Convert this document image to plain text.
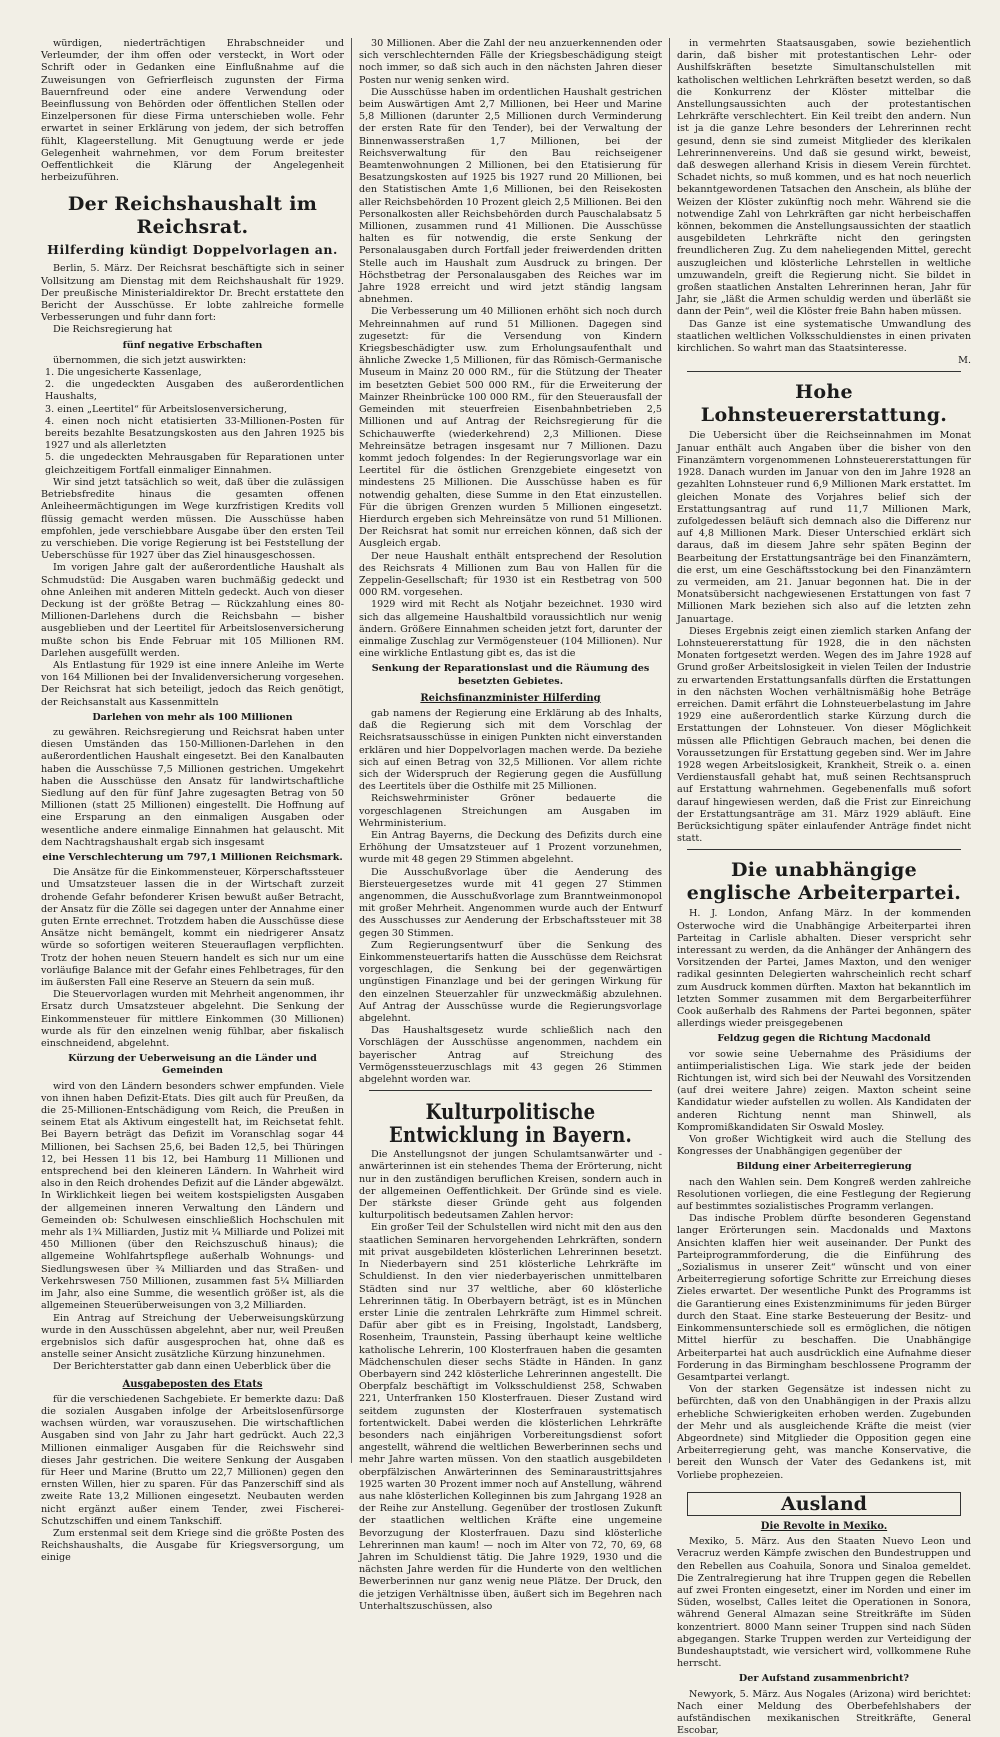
würdigen, niederträchtigen Ehrabschneider und Verleumder, der ihm offen oder versteckt, in Wort oder Schrift oder in Gedanken eine Einflußnahme auf die Zuweisungen von Gefrierfleisch zugunsten der Firma Bauernfreund oder eine andere Verwendung oder Beeinflussung von Behörden oder öffentlichen Stellen oder Einzelpersonen für diese Firma unterschieben wolle. Fehr erwartet in seiner Erklärung von jedem, der sich betroffen fühlt, Klageerstellung. Mit Genugtuung werde er jede Gelegenheit wahrnehmen, vor dem Forum breitester Oeffentlichkeit die Klärung der Angelegenheit herbeizuführen.

Der Reichshaushalt im Reichsrat.
Hilferding kündigt Doppelvorlagen an.

Berlin, 5. März. Der Reichsrat beschäftigte sich in seiner Vollsitzung am Dienstag mit dem Reichshaushalt für 1929. Der preußische Ministerialdirektor Dr. Brecht erstattete den Bericht der Ausschüsse. Er lobte zahlreiche formelle Verbesserungen und fuhr dann fort:

Die Reichsregierung hat

fünf negative Erbschaften

übernommen, die sich jetzt auswirkten:

1. Die ungesicherte Kassenlage,
2. die ungedeckten Ausgaben des außerordentlichen Haushalts,
3. einen „Leertitel“ für Arbeitslosenversicherung,
4. einen noch nicht etatisierten 33-Millionen-Posten für bereits bezahlte Besatzungskosten aus den Jahren 1925 bis 1927 und als allerletzten
5. die ungedeckten Mehrausgaben für Reparationen unter gleichzeitigem Fortfall einmaliger Einnahmen.

Wir sind jetzt tatsächlich so weit, daß über die zulässigen Betriebsfredite hinaus die gesamten offenen Anleiheermächtigungen im Wege kurzfristigen Kredits voll flüssig gemacht werden müssen. Die Ausschüsse haben empfohlen, jede verschiebbare Ausgabe über den ersten Teil zu verschieben. Die vorige Regierung ist bei Feststellung der Ueberschüsse für 1927 über das Ziel hinausgeschossen.

Im vorigen Jahre galt der außerordentliche Haushalt als Schmudstüd: Die Ausgaben waren buchmäßig gedeckt und ohne Anleihen mit anderen Mitteln gedeckt. Auch von dieser Deckung ist der größte Betrag — Rückzahlung eines 80-Millionen-Darlehens durch die Reichsbahn — bisher ausgeblieben und der Leertitel für Arbeitslosenversicherung mußte schon bis Ende Februar mit 105 Millionen RM. Darlehen ausgefüllt werden.

Als Entlastung für 1929 ist eine innere Anleihe im Werte von 164 Millionen bei der Invalidenversicherung vorgesehen. Der Reichsrat hat sich beteiligt, jedoch das Reich genötigt, der Reichsanstalt aus Kassenmitteln

Darlehen von mehr als 100 Millionen

zu gewähren. Reichsregierung und Reichsrat haben unter diesen Umständen das 150-Millionen-Darlehen in den außerordentlichen Haushalt eingesetzt. Bei den Kanalbauten haben die Ausschüsse 7,5 Millionen gestrichen. Umgekehrt haben die Ausschüsse den Ansatz für landwirtschaftliche Siedlung auf den für fünf Jahre zugesagten Betrag von 50 Millionen (statt 25 Millionen) eingestellt. Die Hoffnung auf eine Ersparung an den einmaligen Ausgaben oder wesentliche andere einmalige Einnahmen hat gelauscht. Mit dem Nachtragshaushalt ergab sich insgesamt

eine Verschlechterung um 797,1 Millionen Reichsmark.

Die Ansätze für die Einkommensteuer, Körperschaftssteuer und Umsatzsteuer lassen die in der Wirtschaft zurzeit drohende Gefahr befonderer Krisen bewußt außer Betracht, der Ansatz für die Zölle sei dagegen unter der Annahme einer guten Ernte errechnet. Trotzdem haben die Ausschüsse diese Ansätze nicht bemängelt, kommt ein niedrigerer Ansatz würde so sofortigen weiteren Steuerauflagen verpflichten. Trotz der hohen neuen Steuern handelt es sich nur um eine vorläufige Balance mit der Gefahr eines Fehlbetrages, für den im äußersten Fall eine Reserve an Steuern da sein muß.

Die Steuervorlagen wurden mit Mehrheit angenommen, ihr Ersatz durch Umsatzsteuer abgelehnt. Die Senkung der Einkommensteuer für mittlere Einkommen (30 Millionen) wurde als für den einzelnen wenig fühlbar, aber fiskalisch einschneidend, abgelehnt.

Kürzung der Ueberweisung an die Länder und Gemeinden

wird von den Ländern besonders schwer empfunden. Viele von ihnen haben Defizit-Etats. Dies gilt auch für Preußen, da die 25-Millionen-Entschädigung vom Reich, die Preußen in seinem Etat als Aktivum eingestellt hat, im Reichsetat fehlt. Bei Bayern beträgt das Defizit im Voranschlag sogar 44 Millionen, bei Sachsen 25,6, bei Baden 12,5, bei Thüringen 12, bei Hessen 11 bis 12, bei Hamburg 11 Millionen und entsprechend bei den kleineren Ländern. In Wahrheit wird also in den Reich drohendes Defizit auf die Länder abgewälzt. In Wirklichkeit liegen bei weitem kostspieligsten Ausgaben der allgemeinen inneren Verwaltung den Ländern und Gemeinden ob: Schulwesen einschließlich Hochschulen mit mehr als 1¾ Milliarden, Justiz mit ¼ Milliarde und Polizei mit 450 Millionen (über den Reichszuschuß hinaus); die allgemeine Wohlfahrtspflege außerhalb Wohnungs- und Siedlungswesen über ¾ Milliarden und das Straßen- und Verkehrswesen 750 Millionen, zusammen fast 5¼ Milliarden im Jahr, also eine Summe, die wesentlich größer ist, als die allgemeinen Steuerüberweisungen von 3,2 Milliarden.

Ein Antrag auf Streichung der Ueberweisungskürzung wurde in den Ausschüssen abgelehnt, aber nur, weil Preußen ergebnislos sich dafür ausgesprochen hat, ohne daß es anstelle seiner Ansicht zusätzliche Kürzung hinzunehmen.

Der Berichterstatter gab dann einen Ueberblick über die

Ausgabeposten des Etats

für die verschiedenen Sachgebiete. Er bemerkte dazu: Daß die sozialen Ausgaben infolge der Arbeitslosenfürsorge wachsen würden, war vorauszusehen. Die wirtschaftlichen Ausgaben sind von Jahr zu Jahr hart gedrückt. Auch 22,3 Millionen einmaliger Ausgaben für die Reichswehr sind dieses Jahr gestrichen. Die weitere Senkung der Ausgaben für Heer und Marine (Brutto um 22,7 Millionen) gegen den ernsten Willen, hier zu sparen. Für das Panzerschiff sind als zweite Rate 13,2 Millionen eingesetzt. Neubauten werden nicht ergänzt außer einem Tender, zwei Fischerei-Schutzschiffen und einem Tankschiff.

Zum erstenmal seit dem Kriege sind die größte Posten des Reichshaushalts, die Ausgabe für Kriegsversorgung, um einige

30 Millionen. Aber die Zahl der neu anzuerkennenden oder sich verschlechternden Fälle der Kriegsbeschädigung steigt noch immer, so daß sich auch in den nächsten Jahren dieser Posten nur wenig senken wird.

Die Ausschüsse haben im ordentlichen Haushalt gestrichen beim Auswärtigen Amt 2,7 Millionen, bei Heer und Marine 5,8 Millionen (darunter 2,5 Millionen durch Verminderung der ersten Rate für den Tender), bei der Verwaltung der Binnenwasserstraßen 1,7 Millionen, bei der Reichsverwaltung für den Bau reichseigener Beamtenwohnungen 2 Millionen, bei den Etatisierung für Besatzungskosten auf 1925 bis 1927 rund 20 Millionen, bei den Statistischen Amte 1,6 Millionen, bei den Reisekosten aller Reichsbehörden 10 Prozent gleich 2,5 Millionen. Bei den Personalkosten aller Reichsbehörden durch Pauschalabsatz 5 Millionen, zusammen rund 41 Millionen. Die Ausschüsse halten es für notwendig, die erste Senkung der Personalausgaben durch Fortfall jeder freiwerdenden dritten Stelle auch im Haushalt zum Ausdruck zu bringen. Der Höchstbetrag der Personalausgaben des Reiches war im Jahre 1928 erreicht und wird jetzt ständig langsam abnehmen.

Die Verbesserung um 40 Millionen erhöht sich noch durch Mehreinnahmen auf rund 51 Millionen. Dagegen sind zugesetzt: für die Versendung von Kindern Kriegsbeschädigter usw. zum Erholungsaufenthalt und ähnliche Zwecke 1,5 Millionen, für das Römisch-Germanische Museum in Mainz 20 000 RM., für die Stützung der Theater im besetzten Gebiet 500 000 RM., für die Erweiterung der Mainzer Rheinbrücke 100 000 RM., für den Steuerausfall der Gemeinden mit steuerfreien Eisenbahnbetrieben 2,5 Millionen und auf Antrag der Reichsregierung für die Schichauwerfte (wiederkehrend) 2,3 Millionen. Diese Mehreinsätze betragen insgesamt nur 7 Millionen. Dazu kommt jedoch folgendes: In der Regierungsvorlage war ein Leertitel für die östlichen Grenzgebiete eingesetzt von mindestens 25 Millionen. Die Ausschüsse haben es für notwendig gehalten, diese Summe in den Etat einzustellen. Für die übrigen Grenzen wurden 5 Millionen eingesetzt. Hierdurch ergeben sich Mehreinsätze von rund 51 Millionen. Der Reichsrat hat somit nur erreichen können, daß sich der Ausgleich ergab.

Der neue Haushalt enthält entsprechend der Resolution des Reichsrats 4 Millionen zum Bau von Hallen für die Zeppelin-Gesellschaft; für 1930 ist ein Restbetrag von 500 000 RM. vorgesehen.

1929 wird mit Recht als Notjahr bezeichnet. 1930 wird sich das allgemeine Haushaltbild voraussichtlich nur wenig ändern. Größere Einnahmen scheiden jetzt fort, darunter der einmalige Zuschlag zur Vermögensteuer (104 Millionen). Nur eine wirkliche Entlastung gibt es, das ist die

Senkung der Reparationslast und die Räumung des besetzten Gebietes.
Reichsfinanzminister Hilferding

gab namens der Regierung eine Erklärung ab des Inhalts, daß die Regierung sich mit dem Vorschlag der Reichsratsausschüsse in einigen Punkten nicht einverstanden erklären und hier Doppelvorlagen machen werde. Da beziehe sich auf einen Betrag von 32,5 Millionen. Vor allem richte sich der Widerspruch der Regierung gegen die Ausfüllung des Leertitels über die Osthilfe mit 25 Millionen.

Reichswehrminister Gröner bedauerte die vorgeschlagenen Streichungen am Ausgaben im Wehrministerium.

Ein Antrag Bayerns, die Deckung des Defizits durch eine Erhöhung der Umsatzsteuer auf 1 Prozent vorzunehmen, wurde mit 48 gegen 29 Stimmen abgelehnt.

Die Ausschußvorlage über die Aenderung des Biersteuergesetzes wurde mit 41 gegen 27 Stimmen angenommen, die Ausschußvorlage zum Branntweinmonopol mit großer Mehrheit. Angenommen wurde auch der Entwurf des Ausschusses zur Aenderung der Erbschaftssteuer mit 38 gegen 30 Stimmen.

Zum Regierungsentwurf über die Senkung des Einkommensteuertarifs hatten die Ausschüsse dem Reichsrat vorgeschlagen, die Senkung bei der gegenwärtigen ungünstigen Finanzlage und bei der geringen Wirkung für den einzelnen Steuerzahler für unzweckmäßig abzulehnen. Auf Antrag der Ausschüsse wurde die Regierungsvorlage abgelehnt.

Das Haushaltsgesetz wurde schließlich nach den Vorschlägen der Ausschüsse angenommen, nachdem ein bayerischer Antrag auf Streichung des Vermögenssteuerzuschlags mit 43 gegen 26 Stimmen abgelehnt worden war.

Kulturpolitische Entwicklung in Bayern.

Die Anstellungsnot der jungen Schulamtsanwärter und -anwärterinnen ist ein stehendes Thema der Erörterung, nicht nur in den zuständigen beruflichen Kreisen, sondern auch in der allgemeinen Oeffentlichkeit. Der Gründe sind es viele. Der stärkste dieser Gründe geht aus folgenden kulturpolitisch bedeutsamen Zahlen hervor:

Ein großer Teil der Schulstellen wird nicht mit den aus den staatlichen Seminaren hervorgehenden Lehrkräften, sondern mit privat ausgebildeten klösterlichen Lehrerinnen besetzt. In Niederbayern sind 251 klösterliche Lehrkräfte im Schuldienst. In den vier niederbayerischen unmittelbaren Städten sind nur 37 weltliche, aber 60 klösterliche Lehrerinnen tätig. In Oberbayern beträgt, ist es in München erster Linie die zentralen Lehrkräfte zum Himmel schreit. Dafür aber gibt es in Freising, Ingolstadt, Landsberg, Rosenheim, Traunstein, Passing überhaupt keine weltliche katholische Lehrerin, 100 Klosterfrauen haben die gesamten Mädchenschulen dieser sechs Städte in Händen. In ganz Oberbayern sind 242 klösterliche Lehrerinnen angestellt. Die Oberpfalz beschäftigt im Volksschuldienst 258, Schwaben 221, Unterfranken 150 Klosterfrauen. Dieser Zustand wird seitdem zugunsten der Klosterfrauen systematisch fortentwickelt. Dabei werden die klösterlichen Lehrkräfte besonders nach einjährigen Vorbereitungsdienst sofort angestellt, während die weltlichen Bewerberinnen sechs und mehr Jahre warten müssen. Von den staatlich ausgebildeten oberpfälzischen Anwärterinnen des Seminaraustrittsjahres 1925 warten 30 Prozent immer noch auf Anstellung, während aus nahe klösterlichen Kolleginnen bis zum Jahrgang 1928 an der Reihe zur Anstellung. Gegenüber der trostlosen Zukunft der staatlichen weltlichen Kräfte eine ungemeine Bevorzugung der Klosterfrauen. Dazu sind klösterliche Lehrerinnen man kaum! — noch im Alter von 72, 70, 69, 68 Jahren im Schuldienst tätig. Die Jahre 1929, 1930 und die nächsten Jahre werden für die Hunderte von den weltlichen Bewerberinnen nur ganz wenig neue Plätze. Der Druck, den die jetzigen Verhältnisse üben, äußert sich im Begehren nach Unterhaltszuschüssen, also

in vermehrten Staatsausgaben, sowie beziehentlich darin, daß bisher mit protestantischen Lehr- oder Aushilfskräften besetzte Simultanschulstellen mit katholischen weltlichen Lehrkräften besetzt werden, so daß die Konkurrenz der Klöster mittelbar die Anstellungsaussichten auch der protestantischen Lehrkräfte verschlechtert. Ein Keil treibt den andern. Nun ist ja die ganze Lehre besonders der Lehrerinnen recht gesund, denn sie sind zumeist Mitglieder des klerikalen Lehrerinnenvereins. Und daß sie gesund wirkt, beweist, daß deswegen allerhand Krisis in diesem Verein fürchtet. Schadet nichts, so muß kommen, und es hat noch neuerlich bekanntgewordenen Tatsachen den Anschein, als blühe der Weizen der Klöster zukünftig noch mehr. Während sie die notwendige Zahl von Lehrkräften gar nicht herbeischaffen können, bekommen die Anstellungsaussichten der staatlich ausgebildeten Lehrkräfte nicht den geringsten freundlicheren Zug. Zu dem naheliegenden Mittel, gerecht auszugleichen und klösterliche Lehrstellen in weltliche umzuwandeln, greift die Regierung nicht. Sie bildet in großen staatlichen Anstalten Lehrerinnen heran, Jahr für Jahr, sie „läßt die Armen schuldig werden und überläßt sie dann der Pein“, weil die Klöster freie Bahn haben müssen.

Das Ganze ist eine systematische Umwandlung des staatlichen weltlichen Volksschuldienstes in einen privaten kirchlichen. So wahrt man das Staatsinteresse.

M.
Hohe Lohnsteuererstattung.

Die Uebersicht über die Reichseinnahmen im Monat Januar enthält auch Angaben über die bisher von den Finanzämtern vorgenommenen Lohnsteuererstattungen für 1928. Danach wurden im Januar von den im Jahre 1928 an gezahlten Lohnsteuer rund 6,9 Millionen Mark erstattet. Im gleichen Monate des Vorjahres belief sich der Erstattungsantrag auf rund 11,7 Millionen Mark, zufolgedessen beläuft sich demnach also die Differenz nur auf 4,8 Millionen Mark. Dieser Unterschied erklärt sich daraus, daß im diesem Jahre sehr späten Beginn der Bearbeitung der Erstattungsanträge bei den Finanzämtern, die erst, um eine Geschäftsstockung bei den Finanzämtern zu vermeiden, am 21. Januar begonnen hat. Die in der Monatsübersicht nachgewiesenen Erstattungen von fast 7 Millionen Mark beziehen sich also auf die letzten zehn Januartage.

Dieses Ergebnis zeigt einen ziemlich starken Anfang der Lohnsteuererstattung für 1928, die in den nächsten Monaten fortgesetzt werden. Wegen des im Jahre 1928 auf Grund großer Arbeitslosigkeit in vielen Teilen der Industrie zu erwartenden Erstattungsanfalls dürften die Erstattungen in den nächsten Wochen verhältnismäßig hohe Beträge erreichen. Damit erfährt die Lohnsteuerbelastung im Jahre 1929 eine außerordentlich starke Kürzung durch die Erstattungen der Lohnsteuer. Von dieser Möglichkeit müssen alle Pflichtigen Gebrauch machen, bei denen die Voraussetzungen für Erstattung gegeben sind. Wer im Jahre 1928 wegen Arbeitslosigkeit, Krankheit, Streik o. a. einen Verdienstausfall gehabt hat, muß seinen Rechtsanspruch auf Erstattung wahrnehmen. Gegebenenfalls muß sofort darauf hingewiesen werden, daß die Frist zur Einreichung der Erstattungsanträge am 31. März 1929 abläuft. Eine Berücksichtigung später einlaufender Anträge findet nicht statt.

Die unabhängige englische Arbeiterpartei.

H. J. London, Anfang März. In der kommenden Osterwoche wird die Unabhängige Arbeiterpartei ihren Parteitag in Carlisle abhalten. Dieser verspricht sehr interessant zu werden, da die Anhänger der Anhängern des Vorsitzenden der Partei, James Maxton, und den weniger radikal gesinnten Delegierten wahrscheinlich recht scharf zum Ausdruck kommen dürften. Maxton hat bekanntlich im letzten Sommer zusammen mit dem Bergarbeiterführer Cook außerhalb des Rahmens der Partei begonnen, später allerdings wieder preisgegebenen

Feldzug gegen die Richtung Macdonald

vor sowie seine Uebernahme des Präsidiums der antiimperialistischen Liga. Wie stark jede der beiden Richtungen ist, wird sich bei der Neuwahl des Vorsitzenden (auf drei weitere Jahre) zeigen. Maxton scheint seine Kandidatur wieder aufstellen zu wollen. Als Kandidaten der anderen Richtung nennt man Shinwell, als Kompromißkandidaten Sir Oswald Mosley.

Von großer Wichtigkeit wird auch die Stellung des Kongresses der Unabhängigen gegenüber der

Bildung einer Arbeiterregierung

nach den Wahlen sein. Dem Kongreß werden zahlreiche Resolutionen vorliegen, die eine Festlegung der Regierung auf bestimmtes sozialistisches Programm verlangen.

Das indische Problem dürfte besonderen Gegenstand langer Erörterungen sein. Macdonalds und Maxtons Ansichten klaffen hier weit auseinander. Der Punkt des Parteiprogrammforderung, die die Einführung des „Sozialismus in unserer Zeit“ wünscht und von einer Arbeiterregierung sofortige Schritte zur Erreichung dieses Zieles erwartet. Der wesentliche Punkt des Programms ist die Garantierung eines Existenzminimums für jeden Bürger durch den Staat. Eine starke Besteuerung der Besitz- und Einkommensunterschiede soll es ermöglichen, die nötigen Mittel hierfür zu beschaffen. Die Unabhängige Arbeiterpartei hat auch ausdrücklich eine Aufnahme dieser Forderung in das Birmingham beschlossene Programm der Gesamtpartei verlangt.

Von der starken Gegensätze ist indessen nicht zu befürchten, daß von den Unabhängigen in der Praxis allzu erhebliche Schwierigkeiten erhoben werden. Zugebunden der Mehr und als ausgleichende Kräfte die meist (vier Abgeordnete) sind Mitglieder die Opposition gegen eine Arbeiterregierung geht, was manche Konservative, die bereit den Wunsch der Vater des Gedankens ist, mit Vorliebe prophezeien.

Ausland
Die Revolte in Mexiko.

Mexiko, 5. März. Aus den Staaten Nuevo Leon und Veracruz werden Kämpfe zwischen den Bundestruppen und den Rebellen aus Coahuila, Sonora und Sinaloa gemeldet. Die Zentralregierung hat ihre Truppen gegen die Rebellen auf zwei Fronten eingesetzt, einer im Norden und einer im Süden, woselbst, Calles leitet die Operationen in Sonora, während General Almazan seine Streitkräfte im Süden konzentriert. 8000 Mann seiner Truppen sind nach Süden abgegangen. Starke Truppen werden zur Verteidigung der Bundeshauptstadt, wie versichert wird, vollkommene Ruhe herrscht.

Der Aufstand zusammenbricht?

Newyork, 5. März. Aus Nogales (Arizona) wird berichtet: Nach einer Meldung des Oberbefehlshabers der aufständischen mexikanischen Streitkräfte, General Escobar,
